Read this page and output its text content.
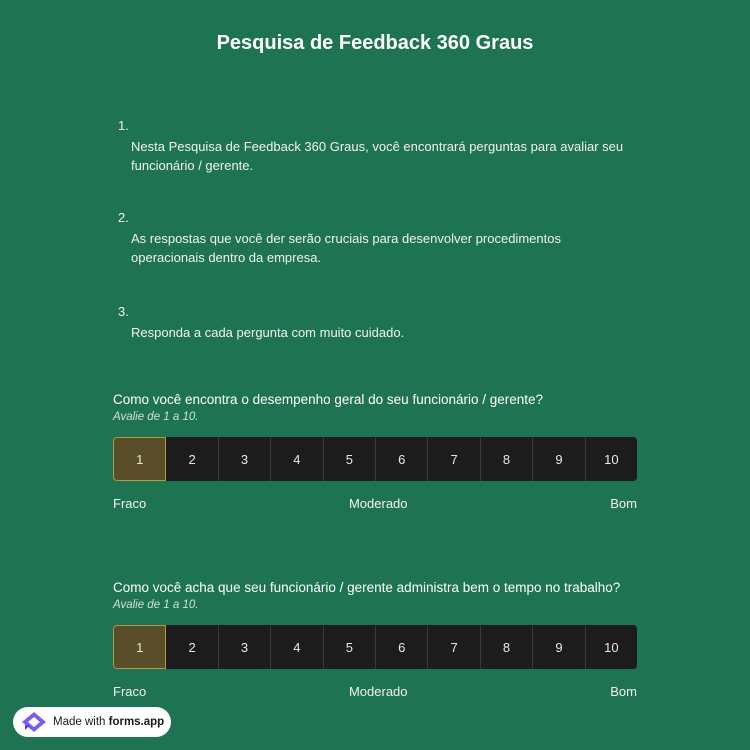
Pesquisa de Feedback 360 Graus
1.
Nesta Pesquisa de Feedback 360 Graus, você encontrará perguntas para avaliar seu funcionário / gerente.
2.
As respostas que você der serão cruciais para desenvolver procedimentos operacionais dentro da empresa.
3.
Responda a cada pergunta com muito cuidado.
Como você encontra o desempenho geral do seu funcionário / gerente?
Avalie de 1 a 10.
1	2	3	4	5	6	7	8	9	10
Fraco	Moderado	Bom
Como você acha que seu funcionário / gerente administra bem o tempo no trabalho?
Avalie de 1 a 10.
1	2	3	4	5	6	7	8	9	10
Fraco	Moderado	Bom
Made with forms.app
